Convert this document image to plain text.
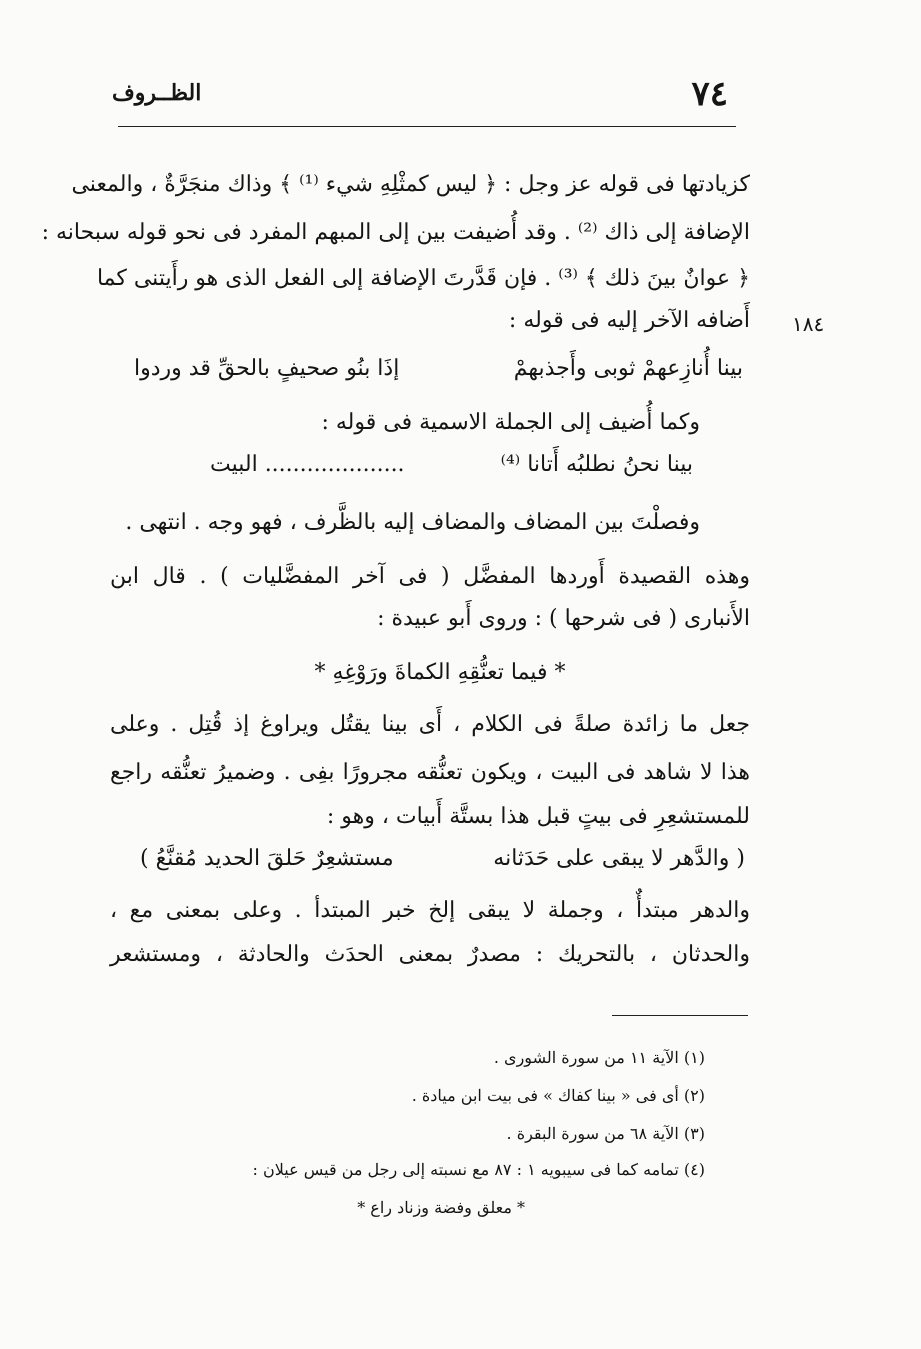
٧٤
الظــروف
١٨٤
كزيادتها فى قوله عز وجل : ﴿ ليس كمثْلِهِ شيء ⁽¹⁾ ﴾ وذاك منجَرَّةٌ ، والمعنى
الإضافة إلى ذاك ⁽²⁾ . وقد أُضيفت بين إلى المبهم المفرد فى نحو قوله سبحانه :
﴿ عوانٌ بينَ ذلك ﴾ ⁽³⁾ . فإن قَدَّرتَ الإضافة إلى الفعل الذى هو رأَيتنى كما
أَضافه الآخر إليه فى قوله :
بينا أُنازِعهمْ ثوبى وأَجذبهمْ
إذَا بنُو صحيفٍ بالحقِّ قد وردوا
وكما أُضيف إلى الجملة الاسمية فى قوله :
بينا نحنُ نطلبُه أَتانا ⁽⁴⁾
.................... البيت
وفصلْتَ بين المضاف والمضاف إليه بالظَّرف ، فهو وجه . انتهى .
وهذه القصيدة أَوردها المفضَّل ( فى آخر المفضَّليات ) . قال ابن
الأَنبارى ( فى شرحها ) : وروى أَبو عبيدة :
* فيما تعنُّقِهِ الكماةَ ورَوْغِهِ *
جعل ما زائدة صلةً فى الكلام ، أَى بينا يقتُل ويراوغ إذ قُتِل . وعلى
هذا لا شاهد فى البيت ، ويكون تعنُّقه مجرورًا بفِى . وضميرُ تعنُّقه راجع
للمستشعِرِ فى بيتٍ قبل هذا بستَّة أَبيات ، وهو :
( والدَّهر لا يبقى على حَدَثانه
مستشعِرٌ حَلقَ الحديد مُقنَّعُ )
والدهر مبتدأٌ ، وجملة لا يبقى إلخ خبر المبتدأ . وعلى بمعنى مع ،
والحدثان ، بالتحريك : مصدرٌ بمعنى الحدَث والحادثة ، ومستشعر
(١) الآية ١١ من سورة الشورى .
(٢) أى فى « بينا كفاك » فى بيت ابن ميادة .
(٣) الآية ٦٨ من سورة البقرة .
(٤) تمامه كما فى سيبويه ١ : ٨٧ مع نسبته إلى رجل من قيس عيلان :
* معلق وفضة وزناد راع *
